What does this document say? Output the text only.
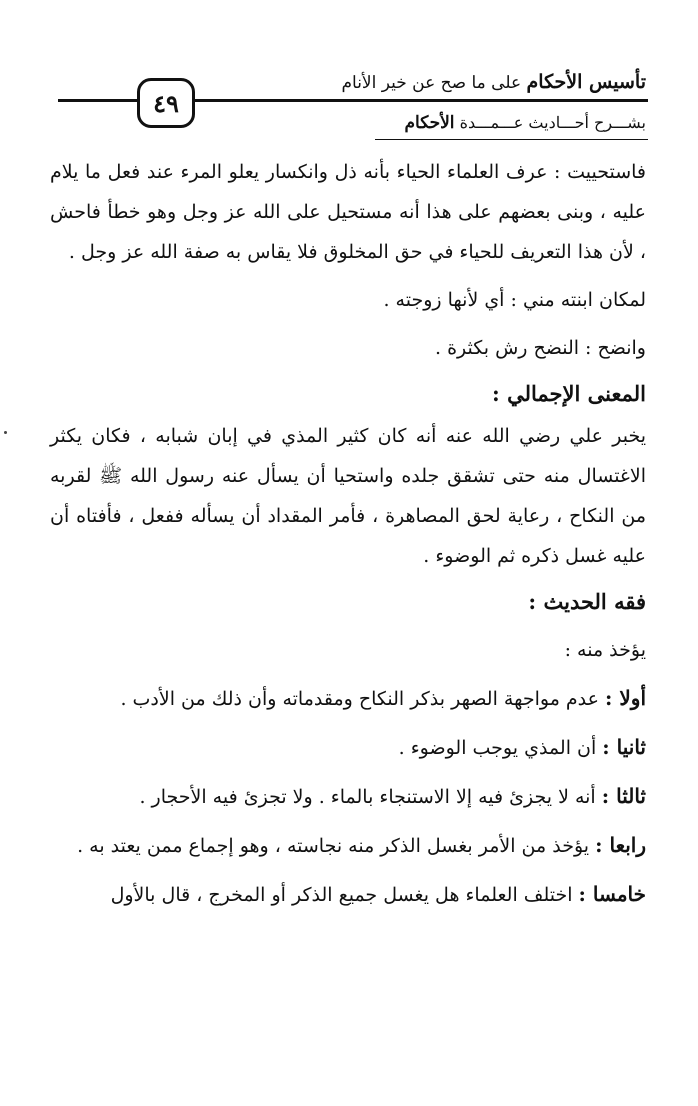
تأسيس الأحكام على ما صح عن خير الأنام
٤٩
بشـــرح أحـــاديث عـــمـــدة الأحكام

فاستحييت : عرف العلماء الحياء بأنه ذل وانكسار يعلو المرء عند فعل ما يلام عليه ، وبنى بعضهم على هذا أنه مستحيل على الله عز وجل وهو خطأ فاحش ، لأن هذا التعريف للحياء في حق المخلوق فلا يقاس به صفة الله عز وجل .

لمكان ابنته مني : أي لأنها زوجته .

وانضح : النضح رش بكثرة .

المعنى الإجمالي :

يخبر علي رضي الله عنه أنه كان كثير المذي في إبان شبابه ، فكان يكثر الاغتسال منه حتى تشقق جلده واستحيا أن يسأل عنه رسول الله ﷺ لقربه من النكاح ، رعاية لحق المصاهرة ، فأمر المقداد أن يسأله ففعل ، فأفتاه أن عليه غسل ذكره ثم الوضوء .

فقه الحديث :

يؤخذ منه :

أولا : عدم مواجهة الصهر بذكر النكاح ومقدماته وأن ذلك من الأدب .

ثانيا : أن المذي يوجب الوضوء .

ثالثا : أنه لا يجزئ فيه إلا الاستنجاء بالماء . ولا تجزئ فيه الأحجار .

رابعا : يؤخذ من الأمر بغسل الذكر منه نجاسته ، وهو إجماع ممن يعتد به .

خامسا : اختلف العلماء هل يغسل جميع الذكر أو المخرج ، قال بالأول
